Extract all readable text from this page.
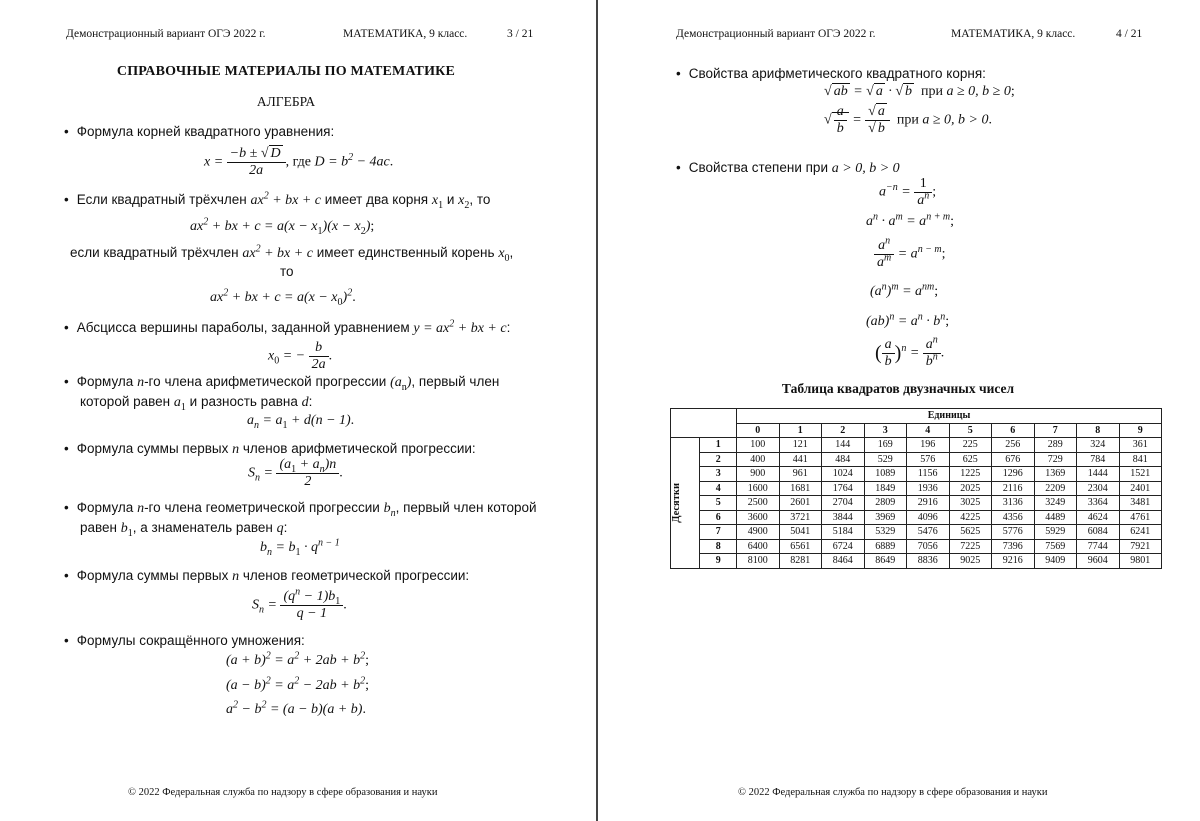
Демонстрационный вариант ОГЭ 2022 г.	МАТЕМАТИКА, 9 класс.	3 / 21
СПРАВОЧНЫЕ МАТЕРИАЛЫ ПО МАТЕМАТИКЕ
АЛГЕБРА
• Формула корней квадратного уравнения:
$x = \frac{-b \pm √ D}{2a}$ , где $D = b^2 - 4ac$.
• Если квадратный трёхчлен $ax^2$ + bx + c имеет два корня $x_1$ и $x_2$, то
$ax^2$ + bx + $c = a(x - x_1)(x - x_2)$;
если квадратный трёхчлен $ax^2$ + bx + c имеет единственный корень $x_0$,
то
$ax^2$ + bx + $c = a(x - x_0)^2$.
• Абсцисса вершины параболы, заданной уравнением $y = ax^2$ + bx + c:
$x_0$ = − $\frac{b}{2a}$ .
• Формула n-го члена арифметической прогрессии $(a_n)$, первый член
которой равен $a_1$ и разность равна d:
$a_n = a_1 + d(n - 1)$.
• Формула суммы первых n членов арифметической прогрессии:
$S_n = \frac{(a_1 + a_n)n}{2}$ .
• Формула n-го члена геометрической прогрессии $b_n$, первый член которой
равен $b_1$, а знаменатель равен q:
$b_n = b_1 \cdot q^{n - 1}$
• Формула суммы первых n членов геометрической прогрессии:
$S_n = \frac{(q^n - 1)b_1}{q - 1}$ .
• Формулы сокращённого умножения:
$(a + b)^2 = a^2 + 2ab + b^2$;
$(a - b)^2 = a^2 - 2ab + b^2$;
$a^2 - b^2 = (a - b)(a + b)$.
© 2022 Федеральная служба по надзору в сфере образования и науки
Демонстрационный вариант ОГЭ 2022 г.	МАТЕМАТИКА, 9 класс.	4 / 21
• Свойства арифметического квадратного корня:
√ ab = √ a · √ b при a ≥ 0, b ≥ 0;
√ $\frac{a}{b} = \frac{√ a}{√ b}$ при a ≥ 0, b > 0.
• Свойства степени при a > 0, b > 0
$a^{-n} = \frac{1}{a^n}$ ;
$a^n \cdot a^m = a^{n + m}$;
$\frac{a^n}{a^m} = a^{n - m}$;
$(a^n)^m = a^{nm}$;
$(ab)^n = a^n \cdot b^n$;
( $\frac{a}{b} )^n = \frac{a^n}{b^n}$ .
Таблица квадратов двузначных чисел
		Единицы									
		0	1	2	3	4	5	6	7	8	9

Десятки	1	100	121	144	169	196	225	256	289	324	361
	2	400	441	484	529	576	625	676	729	784	841
	3	900	961	1024	1089	1156	1225	1296	1369	1444	1521
	4	1600	1681	1764	1849	1936	2025	2116	2209	2304	2401
	5	2500	2601	2704	2809	2916	3025	3136	3249	3364	3481
	6	3600	3721	3844	3969	4096	4225	4356	4489	4624	4761
	7	4900	5041	5184	5329	5476	5625	5776	5929	6084	6241
	8	6400	6561	6724	6889	7056	7225	7396	7569	7744	7921
	9	8100	8281	8464	8649	8836	9025	9216	9409	9604	9801
© 2022 Федеральная служба по надзору в сфере образования и науки
